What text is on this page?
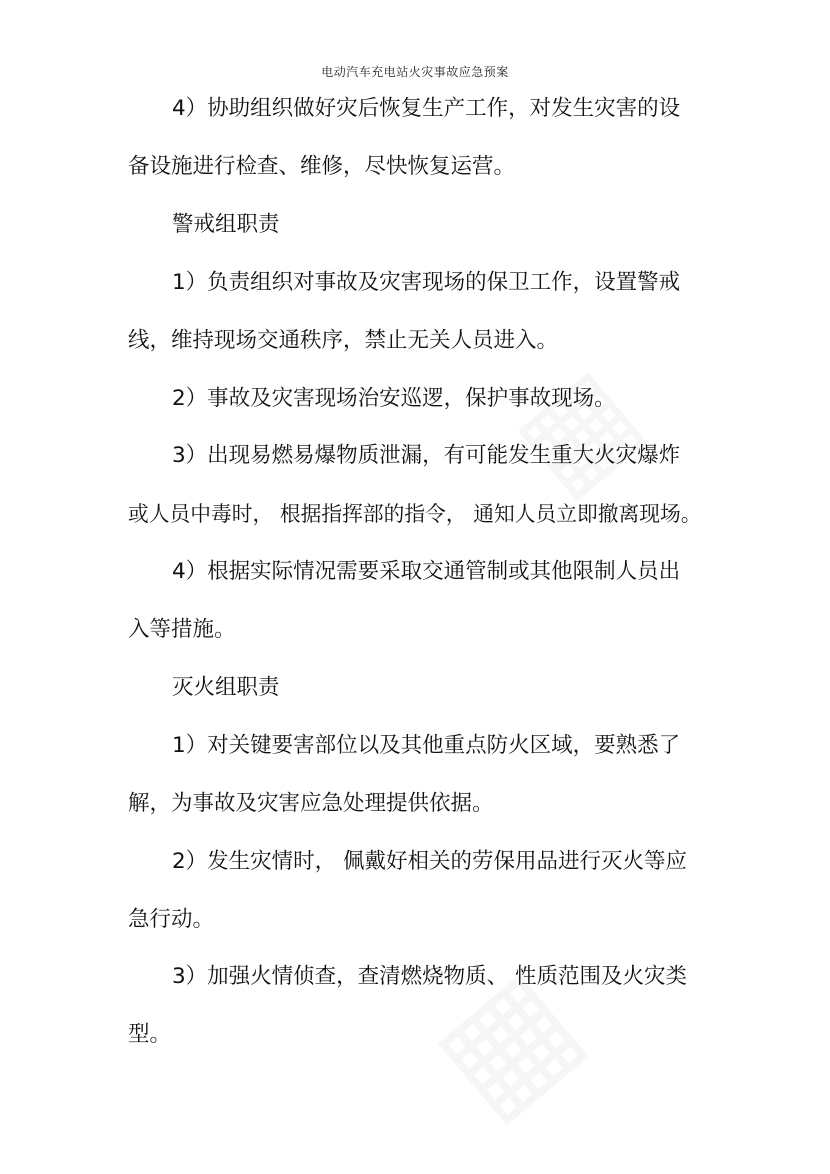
电动汽车充电站火灾事故应急预案

4）协助组织做好灾后恢复生产工作，对发生灾害的设

备设施进行检查、维修，尽快恢复运营。

警戒组职责

1）负责组织对事故及灾害现场的保卫工作，设置警戒

线，维持现场交通秩序，禁止无关人员进入。

2）事故及灾害现场治安巡逻，保护事故现场。

3）出现易燃易爆物质泄漏，有可能发生重大火灾爆炸

或人员中毒时， 根据指挥部的指令， 通知人员立即撤离现场。

4）根据实际情况需要采取交通管制或其他限制人员出

入等措施。

灭火组职责

1）对关键要害部位以及其他重点防火区域，要熟悉了

解，为事故及灾害应急处理提供依据。

2）发生灾情时， 佩戴好相关的劳保用品进行灭火等应

急行动。

3）加强火情侦查，查清燃烧物质、 性质范围及火灾类

型。
